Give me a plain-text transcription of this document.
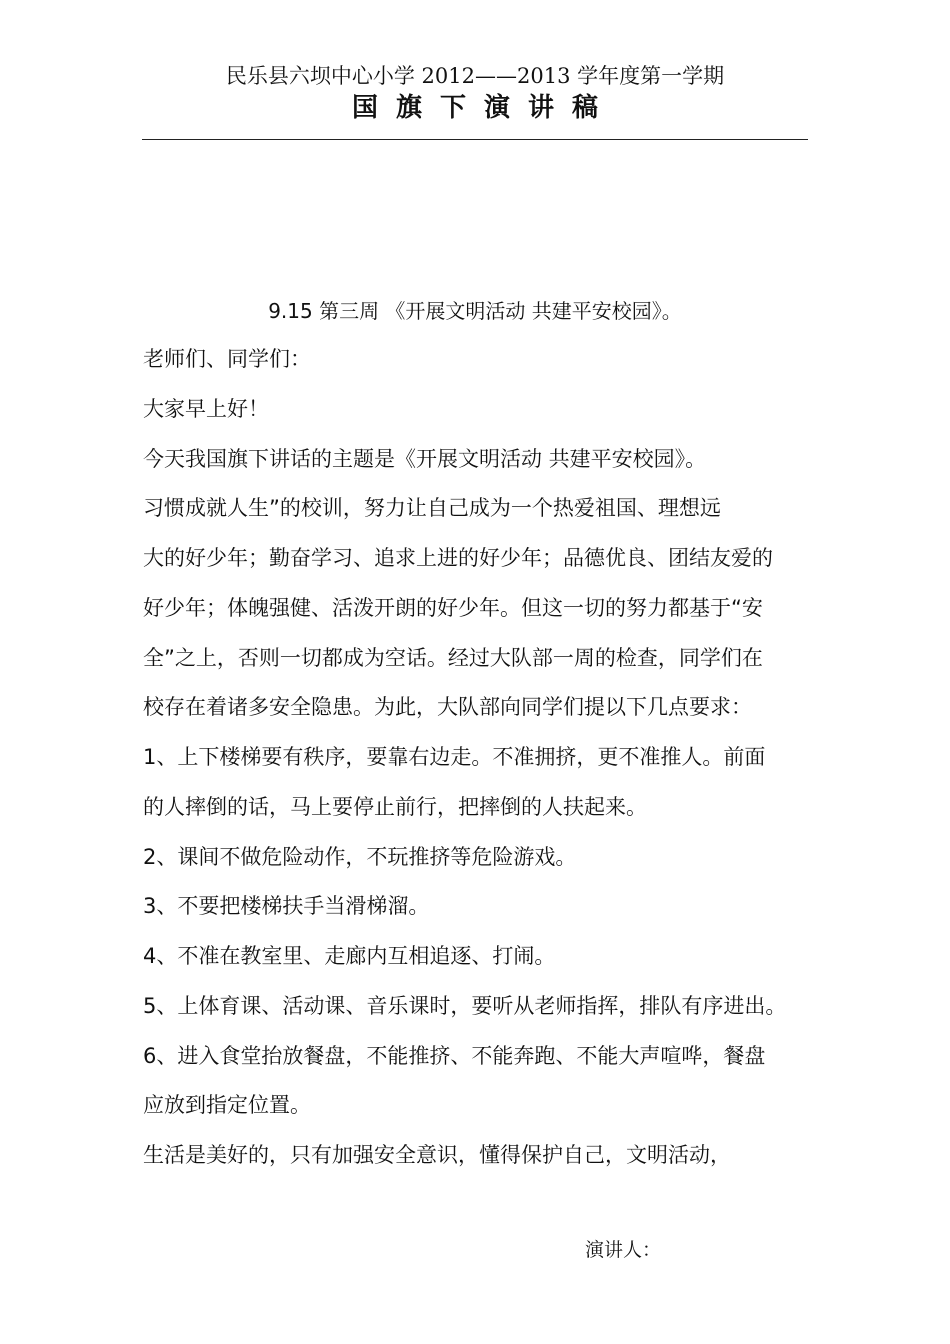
民乐县六坝中心小学 2012——2013 学年度第一学期
国旗下演讲稿
9.15 第三周 《开展文明活动 共建平安校园》。
老师们、同学们：
大家早上好！
今天我国旗下讲话的主题是《开展文明活动 共建平安校园》。
习惯成就人生”的校训，努力让自己成为一个热爱祖国、理想远
大的好少年；勤奋学习、追求上进的好少年；品德优良、团结友爱的
好少年；体魄强健、活泼开朗的好少年。但这一切的努力都基于“安
全”之上，否则一切都成为空话。经过大队部一周的检查，同学们在
校存在着诸多安全隐患。为此，大队部向同学们提以下几点要求：
1、上下楼梯要有秩序，要靠右边走。不准拥挤，更不准推人。前面
的人摔倒的话，马上要停止前行，把摔倒的人扶起来。
2、课间不做危险动作，不玩推挤等危险游戏。
3、不要把楼梯扶手当滑梯溜。
4、不准在教室里、走廊内互相追逐、打闹。
5、上体育课、活动课、音乐课时，要听从老师指挥，排队有序进出。
6、进入食堂抬放餐盘，不能推挤、不能奔跑、不能大声喧哗，餐盘
应放到指定位置。
生活是美好的，只有加强安全意识，懂得保护自己，文明活动，
演讲人：
